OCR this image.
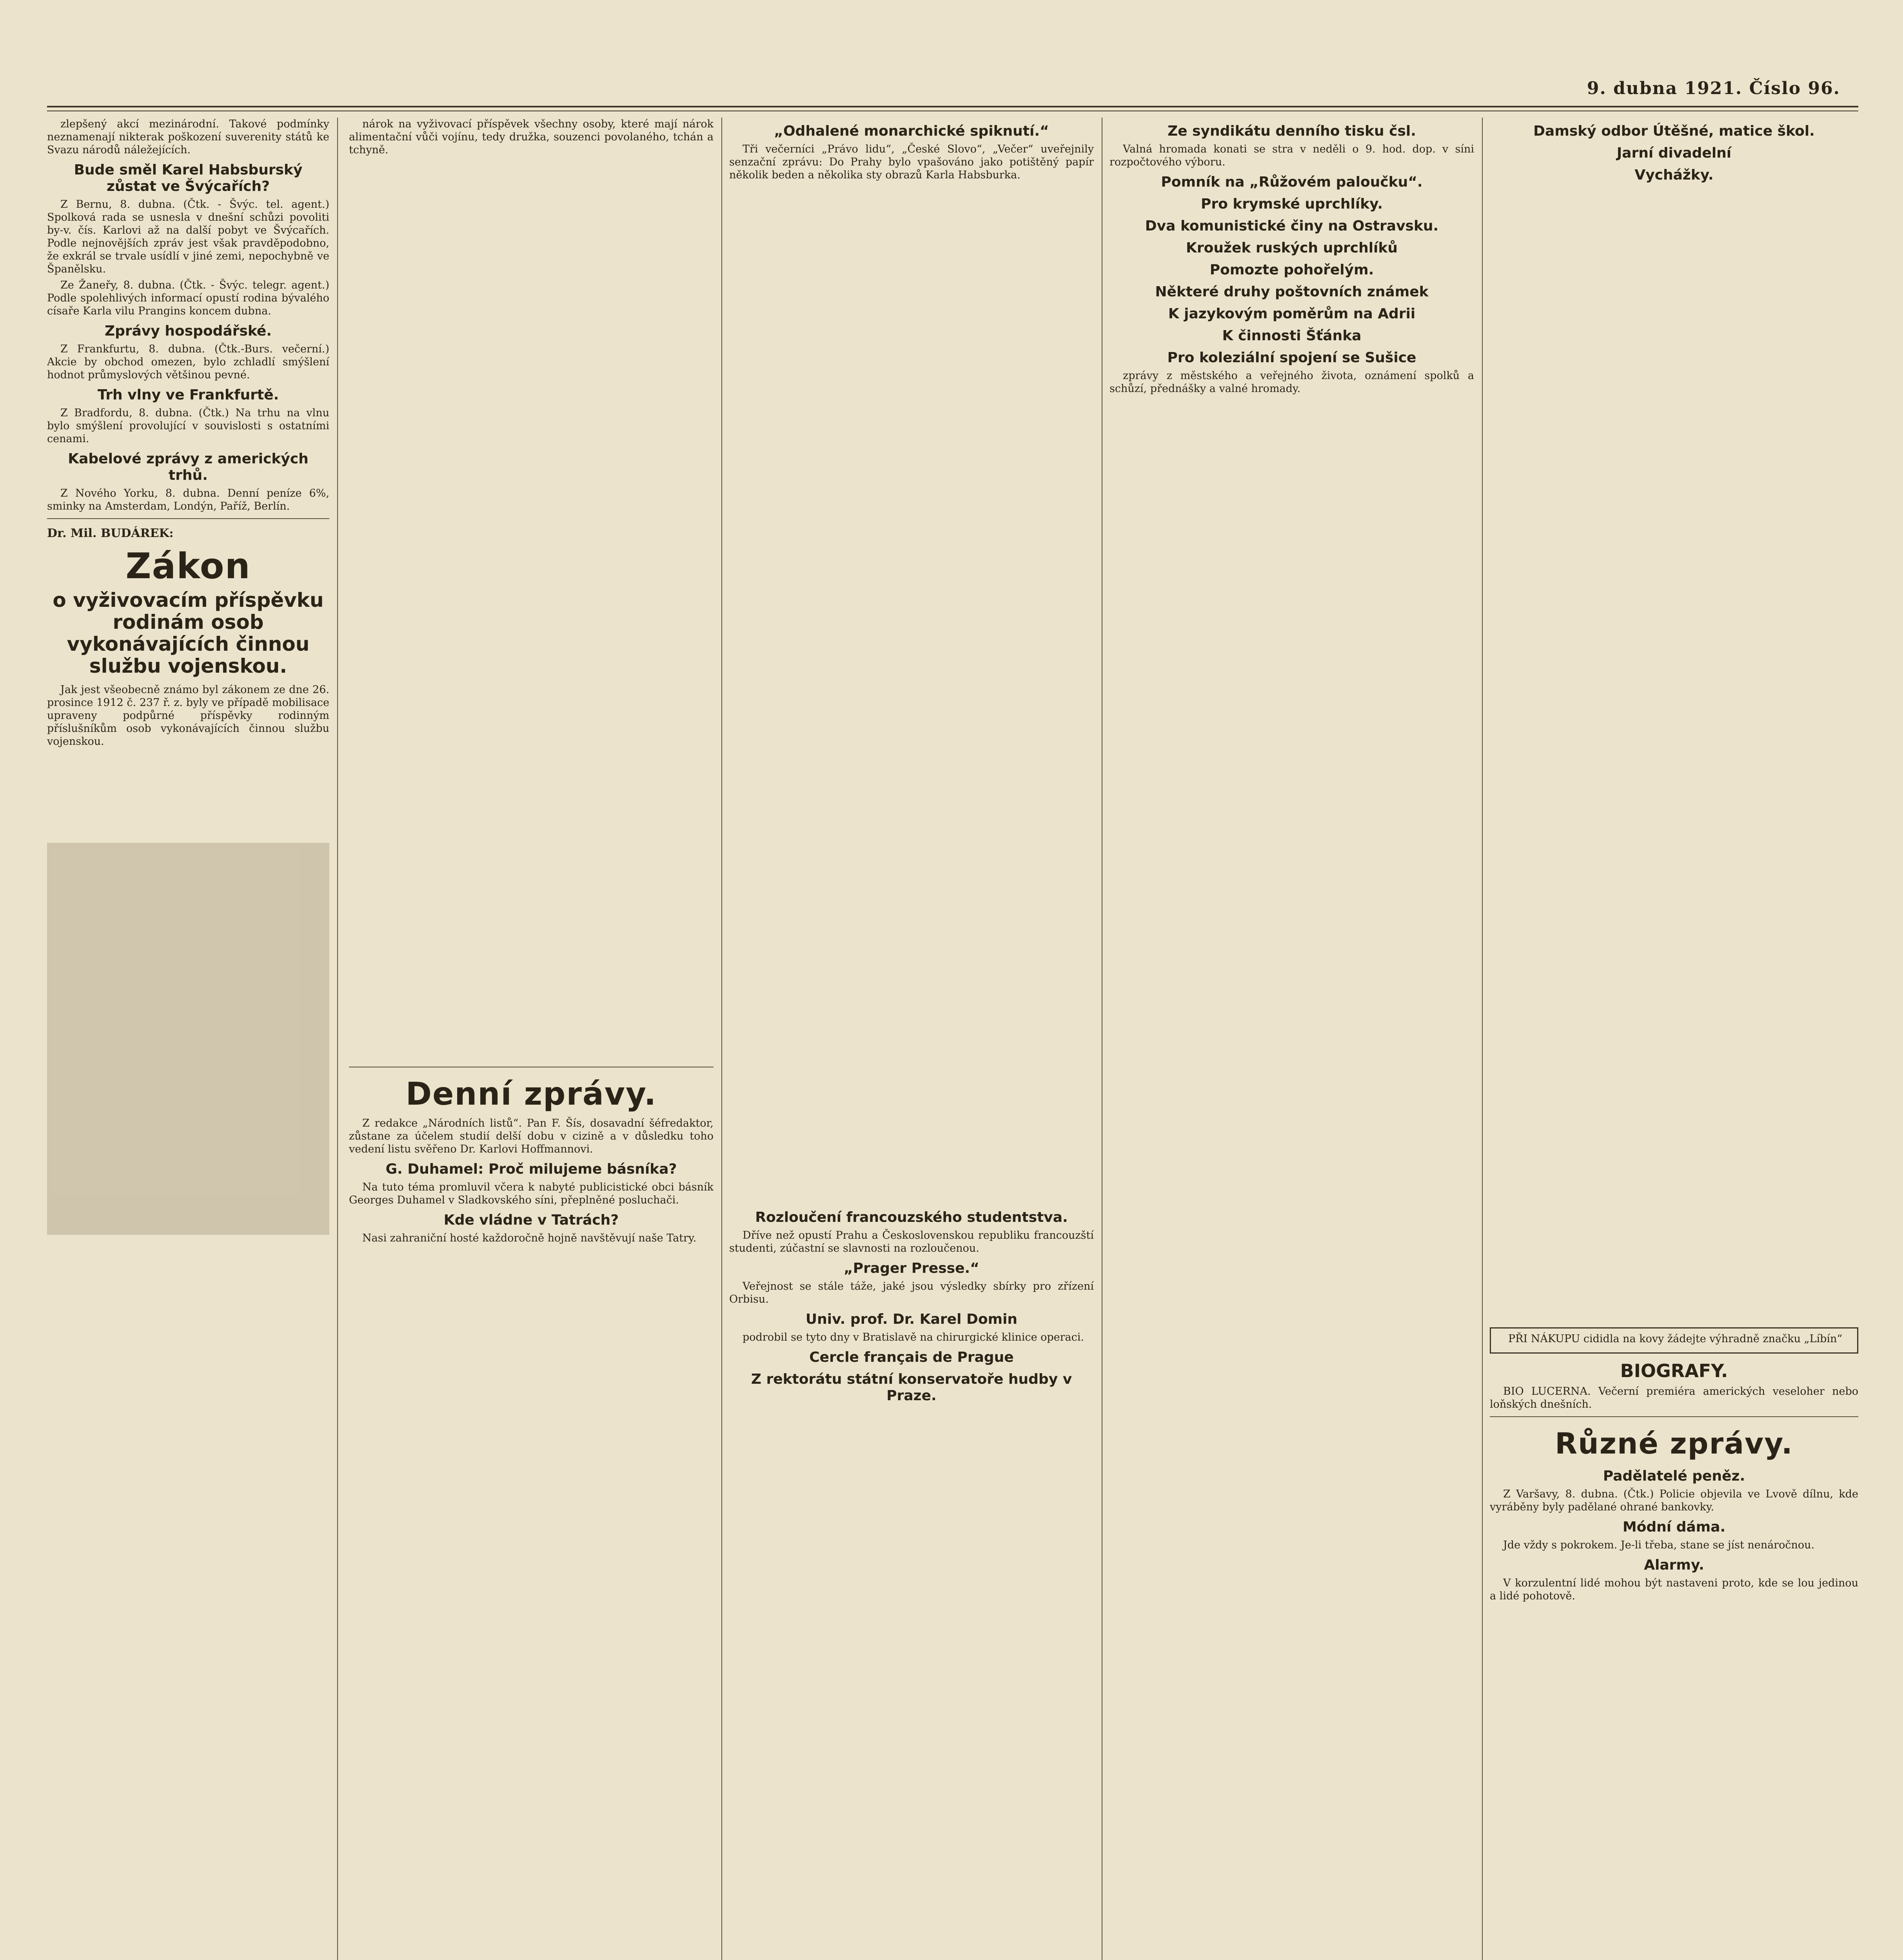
9. dubna 1921. Číslo 96.

zlepšený akcí mezinárodní. Takové podmínky neznamenají nikterak poškození suverenity států ke Svazu národů náležejících.

Bude směl Karel Habsburský zůstat ve Švýcařích?

Z Bernu, 8. dubna. (Čtk. - Švýc. tel. agent.) Spolková rada se usnesla v dnešní schůzi povoliti by‑v. čís. Karlovi až na další pobyt ve Švýcařích. Podle nejnovějších zpráv jest však pravděpodobno, že exkrál se trvale usídlí v jiné zemi, nepochybně ve Španělsku.

Ze Žaneřy, 8. dubna. (Čtk. - Švýc. telegr. agent.) Podle spolehlivých informací opustí rodina bývalého císaře Karla vilu Prangins koncem dubna.

Zprávy hospodářské.

Z Frankfurtu, 8. dubna. (Čtk.-Burs. večerní.) Akcie by obchod omezen, bylo zchladlí smýšlení hodnot průmyslových většinou pevné.

Trh vlny ve Frankfurtě.

Z Bradfordu, 8. dubna. (Čtk.) Na trhu na vlnu bylo smýšlení provolující v souvislosti s ostatními cenami.

Kabelové zprávy z amerických trhů.

Z Nového Yorku, 8. dubna. Denní peníze 6%, sminky na Amsterdam, Londýn, Paříž, Berlín.

Dr. Mil. BUDÁREK:
Zákon
o vyživovacím příspěvku rodinám osob vykonávajících činnou službu vojenskou.

Jak jest všeobecně známo byl zákonem ze dne 26. prosince 1912 č. 237 ř. z. byly ve případě mobilisace upraveny podpůrné příspěvky rodinným příslušníkům osob vykonávajících činnou službu vojenskou.

nárok na vyživovací příspěvek všechny osoby, které mají nárok alimentační vůči vojínu, tedy družka, souzenci povolaného, tchán a tchyně.

Denní zprávy.

Z redakce „Národních listů“. Pan F. Šís, dosavadní šéfredaktor, zůstane za účelem studií delší dobu v cizině a v důsledku toho vedení listu svěřeno Dr. Karlovi Hoffmannovi.

G. Duhamel: Proč milujeme básníka?

Na tuto téma promluvil včera k nabyté publicistické obci básník Georges Duhamel v Sladkovského síni, přeplněné posluchači.

Kde vládne v Tatrách?

Nasi zahraniční hosté každoročně hojně navštěvují naše Tatry.

„Odhalené monarchické spiknutí.“

Tři večerníci „Právo lidu“, „České Slovo“, „Večer“ uveřejnily senzační zprávu: Do Prahy bylo vpašováno jako potištěný papír několik beden a několika sty obrazů Karla Habsburka.

Rozloučení francouzského studentstva.

Dříve než opustí Prahu a Československou republiku francouzští studenti, zúčastní se slavnosti na rozloučenou.

„Prager Presse.“

Veřejnost se stále táže, jaké jsou výsledky sbírky pro zřízení Orbisu.

Univ. prof. Dr. Karel Domin

podrobil se tyto dny v Bratislavě na chirurgické klinice operaci.

Cercle français de Prague
Z rektorátu státní konservatoře hudby v Praze.
Ze syndikátu denního tisku čsl.

Valná hromada konati se stra v neděli o 9. hod. dop. v síni rozpočtového výboru.

Pomník na „Růžovém paloučku“.
Pro krymské uprchlíky.
Dva komunistické činy na Ostravsku.
Kroužek ruských uprchlíků
Pomozte pohořelým.
Některé druhy poštovních známek
K jazykovým poměrům na Adrii
K činnosti Šťánka
Pro koleziální spojení se Sušice

zprávy z městského a veřejného života, oznámení spolků a schůzí, přednášky a valné hromady.

Damský odbor Útěšné, matice škol.
Jarní divadelní
Vychážky.

PŘI NÁKUPU cididla na kovy žádejte výhradně značku „Líbín“

BIOGRAFY.

BIO LUCERNA. Večerní premiéra amerických veseloher nebo loňských dnešních.

Různé zprávy.
Padělatelé peněz.

Z Varšavy, 8. dubna. (Čtk.) Policie objevila ve Lvově dílnu, kde vyráběny byly padělané ohrané bankovky.

Módní dáma.

Jde vždy s pokrokem. Je-li třeba, stane se jíst nenáročnou.

Alarmy.

V korzulentní lidé mohou být nastaveni proto, kde se lou jedinou a lidé pohotově.
